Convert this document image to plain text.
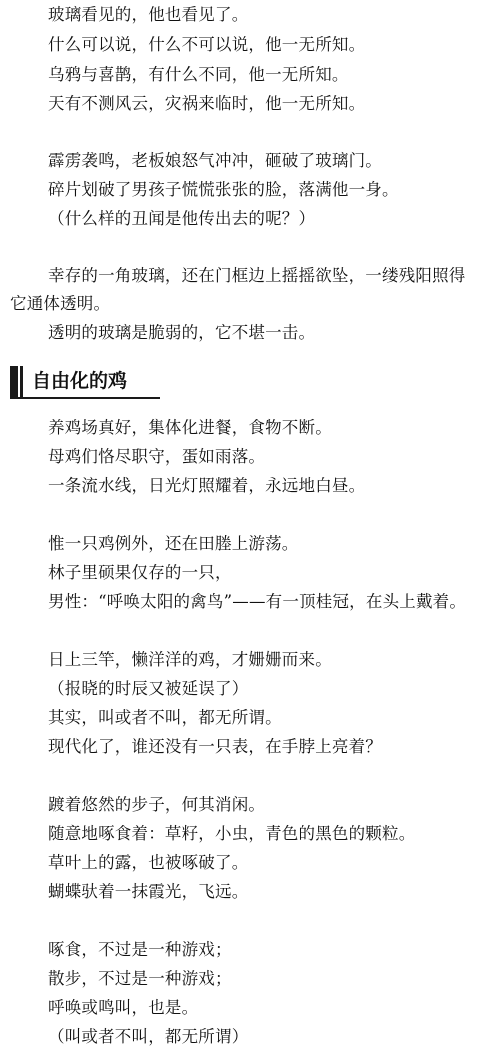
玻璃看见的，他也看见了。
什么可以说，什么不可以说，他一无所知。
乌鸦与喜鹊，有什么不同，他一无所知。
天有不测风云，灾祸来临时，他一无所知。
霹雳袭鸣，老板娘怒气冲冲，砸破了玻璃门。
碎片划破了男孩子慌慌张张的脸，落满他一身。
（什么样的丑闻是他传出去的呢？）
幸存的一角玻璃，还在门框边上摇摇欲坠，一缕残阳照得
它通体透明。
透明的玻璃是脆弱的，它不堪一击。
自由化的鸡
养鸡场真好，集体化进餐，食物不断。
母鸡们恪尽职守，蛋如雨落。
一条流水线，日光灯照耀着，永远地白昼。
惟一只鸡例外，还在田塍上游荡。
林子里硕果仅存的一只，
男性：“呼唤太阳的禽鸟”——有一顶桂冠，在头上戴着。
日上三竿，懒洋洋的鸡，才姗姗而来。
（报晓的时辰又被延误了）
其实，叫或者不叫，都无所谓。
现代化了，谁还没有一只表，在手脖上亮着？
踱着悠然的步子，何其消闲。
随意地啄食着：草籽，小虫，青色的黑色的颗粒。
草叶上的露，也被啄破了。
蝴蝶驮着一抹霞光，飞远。
啄食，不过是一种游戏；
散步，不过是一种游戏；
呼唤或鸣叫，也是。
（叫或者不叫，都无所谓）
